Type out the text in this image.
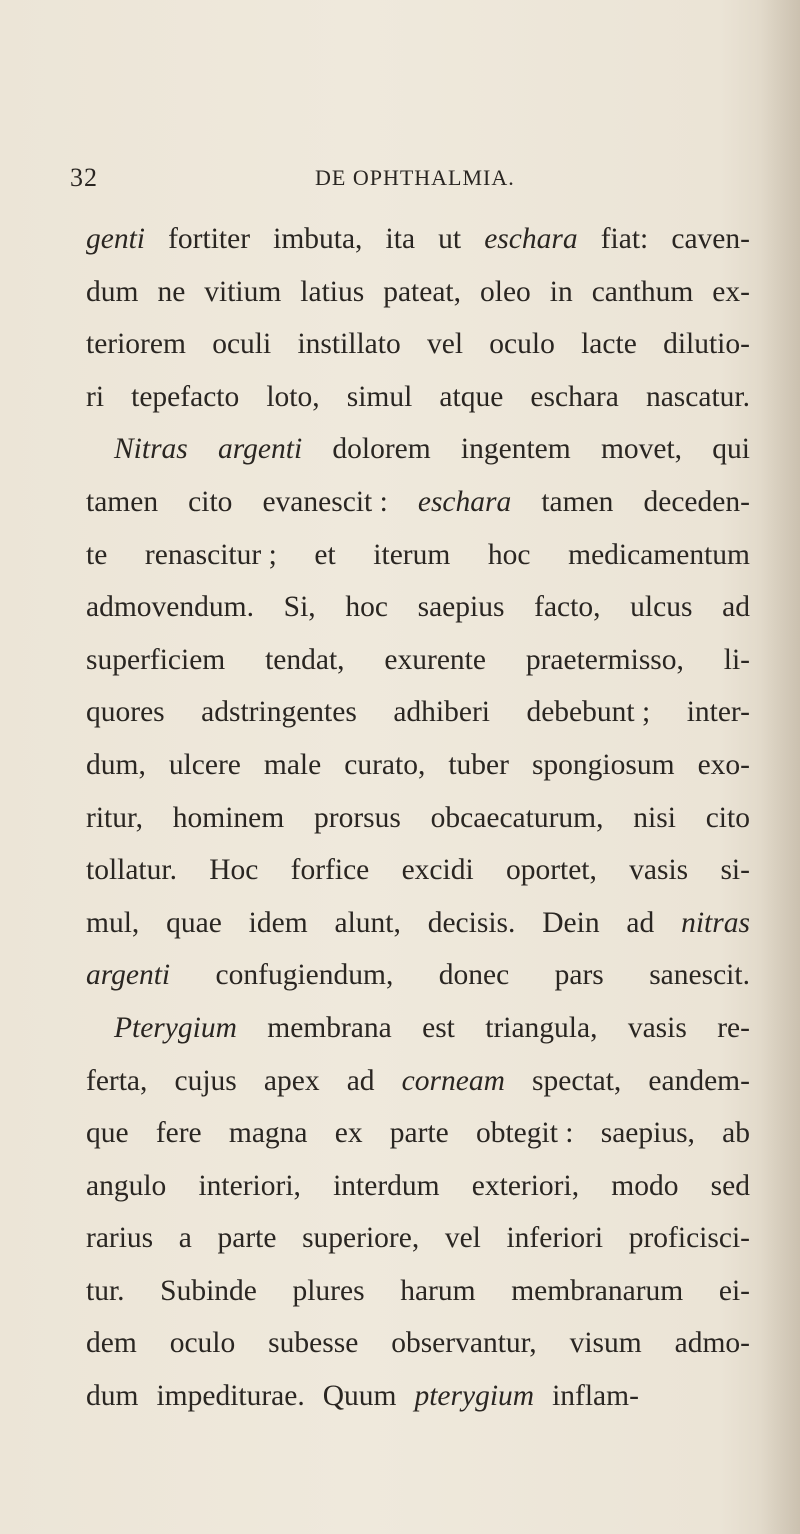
32	DE OPHTHALMIA.
genti fortiter imbuta, ita ut eschara fiat: caven-
dum ne vitium latius pateat, oleo in canthum ex-
teriorem oculi instillato vel oculo lacte dilutio-
ri tepefacto loto, simul atque eschara nascatur.
Nitras argenti dolorem ingentem movet, qui
tamen cito evanescit : eschara tamen deceden-
te renascitur ; et iterum hoc medicamentum
admovendum. Si, hoc saepius facto, ulcus ad
superficiem tendat, exurente praetermisso, li-
quores adstringentes adhiberi debebunt ; inter-
dum, ulcere male curato, tuber spongiosum exo-
ritur, hominem prorsus obcaecaturum, nisi cito
tollatur. Hoc forfice excidi oportet, vasis si-
mul, quae idem alunt, decisis. Dein ad nitras
argenti confugiendum, donec pars sanescit.
Pterygium membrana est triangula, vasis re-
ferta, cujus apex ad corneam spectat, eandem-
que fere magna ex parte obtegit : saepius, ab
angulo interiori, interdum exteriori, modo sed
rarius a parte superiore, vel inferiori proficisci-
tur. Subinde plures harum membranarum ei-
dem oculo subesse observantur, visum admo-
dum impediturae. Quum pterygium inflam-
